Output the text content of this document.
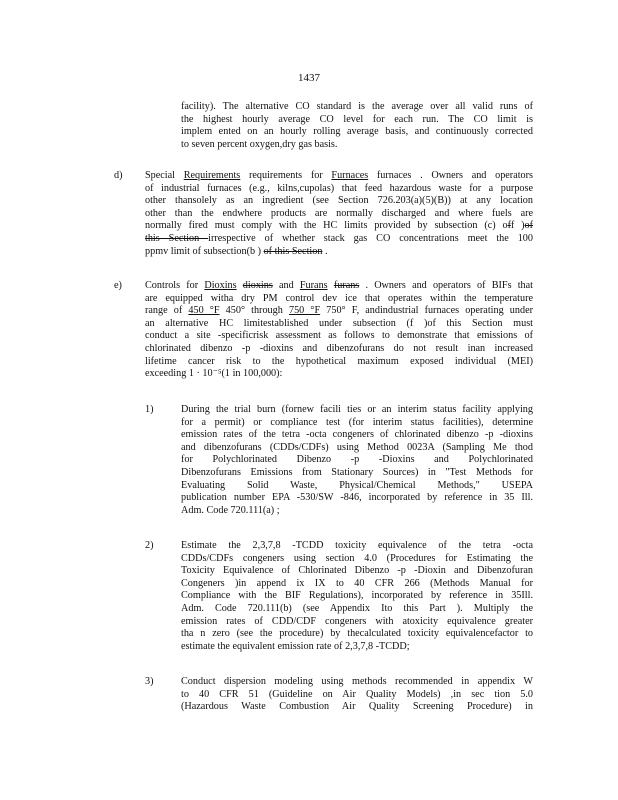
1437
facility). The alternative CO standard is the average over all valid runs of
the highest hourly average CO level for each run. The CO limit is
implem ented on an hourly rolling average basis, and continuously corrected
to seven percent oxygen,dry gas basis.
d) Special Requirements requirements for Furnaces furnaces . Owners and operators
of industrial furnaces (e.g., kilns,cupolas) that feed hazardous waste for a purpose
other thansolely as an ingredient (see Section 726.203(a)(5)(B)) at any location
other than the endwhere products are normally discharged and where fuels are
normally fired must comply with the HC limits provided by subsection (c) off )of
this Section irrespective of whether stack gas CO concentrations meet the 100
ppmv limit of subsection(b ) of this Section .
e) Controls for Dioxins dioxins and Furans furans . Owners and operators of BIFs that
are equipped witha dry PM control dev ice that operates within the temperature
range of 450 °F 450° through 750 °F 750° F, andindustrial furnaces operating under
an alternative HC limitestablished under subsection (f )of this Section must
conduct a site -specificrisk assessment as follows to demonstrate that emissions of
chlorinated dibenzo -p -dioxins and dibenzofurans do not result inan increased
lifetime cancer risk to the hypothetical maximum exposed individual (MEI)
exceeding 1 · 10⁻⁵(1 in 100,000):
1)	During the trial burn (fornew facili ties or an interim status facility applying
for a permit) or compliance test (for interim status facilities), determine
emission rates of the tetra -octa congeners of chlorinated dibenzo -p -dioxins
and dibenzofurans (CDDs/CDFs) using Method 0023A (Sampling Me thod
for Polychlorinated Dibenzo -p -Dioxins and Polychlorinated
Dibenzofurans Emissions from Stationary Sources) in "Test Methods for
Evaluating Solid Waste, Physical/Chemical Methods," USEPA
publication number EPA -530/SW -846, incorporated by reference in 35 Ill.
Adm. Code 720.111(a) ;
2)	Estimate the 2,3,7,8 -TCDD toxicity equivalence of the tetra -octa
CDDs/CDFs congeners using section 4.0 (Procedures for Estimating the
Toxicity Equivalence of Chlorinated Dibenzo -p -Dioxin and Dibenzofuran
Congeners )in append ix IX to 40 CFR 266 (Methods Manual for
Compliance with the BIF Regulations), incorporated by reference in 35Ill.
Adm. Code 720.111(b) (see Appendix Ito this Part ). Multiply the
emission rates of CDD/CDF congeners with atoxicity equivalence greater
tha n zero (see the procedure) by thecalculated toxicity equivalencefactor to
estimate the equivalent emission rate of 2,3,7,8 -TCDD;
3)	Conduct dispersion modeling using methods recommended in appendix W
to 40 CFR 51 (Guideline on Air Quality Models) ,in sec tion 5.0
(Hazardous Waste Combustion Air Quality Screening Procedure) in
